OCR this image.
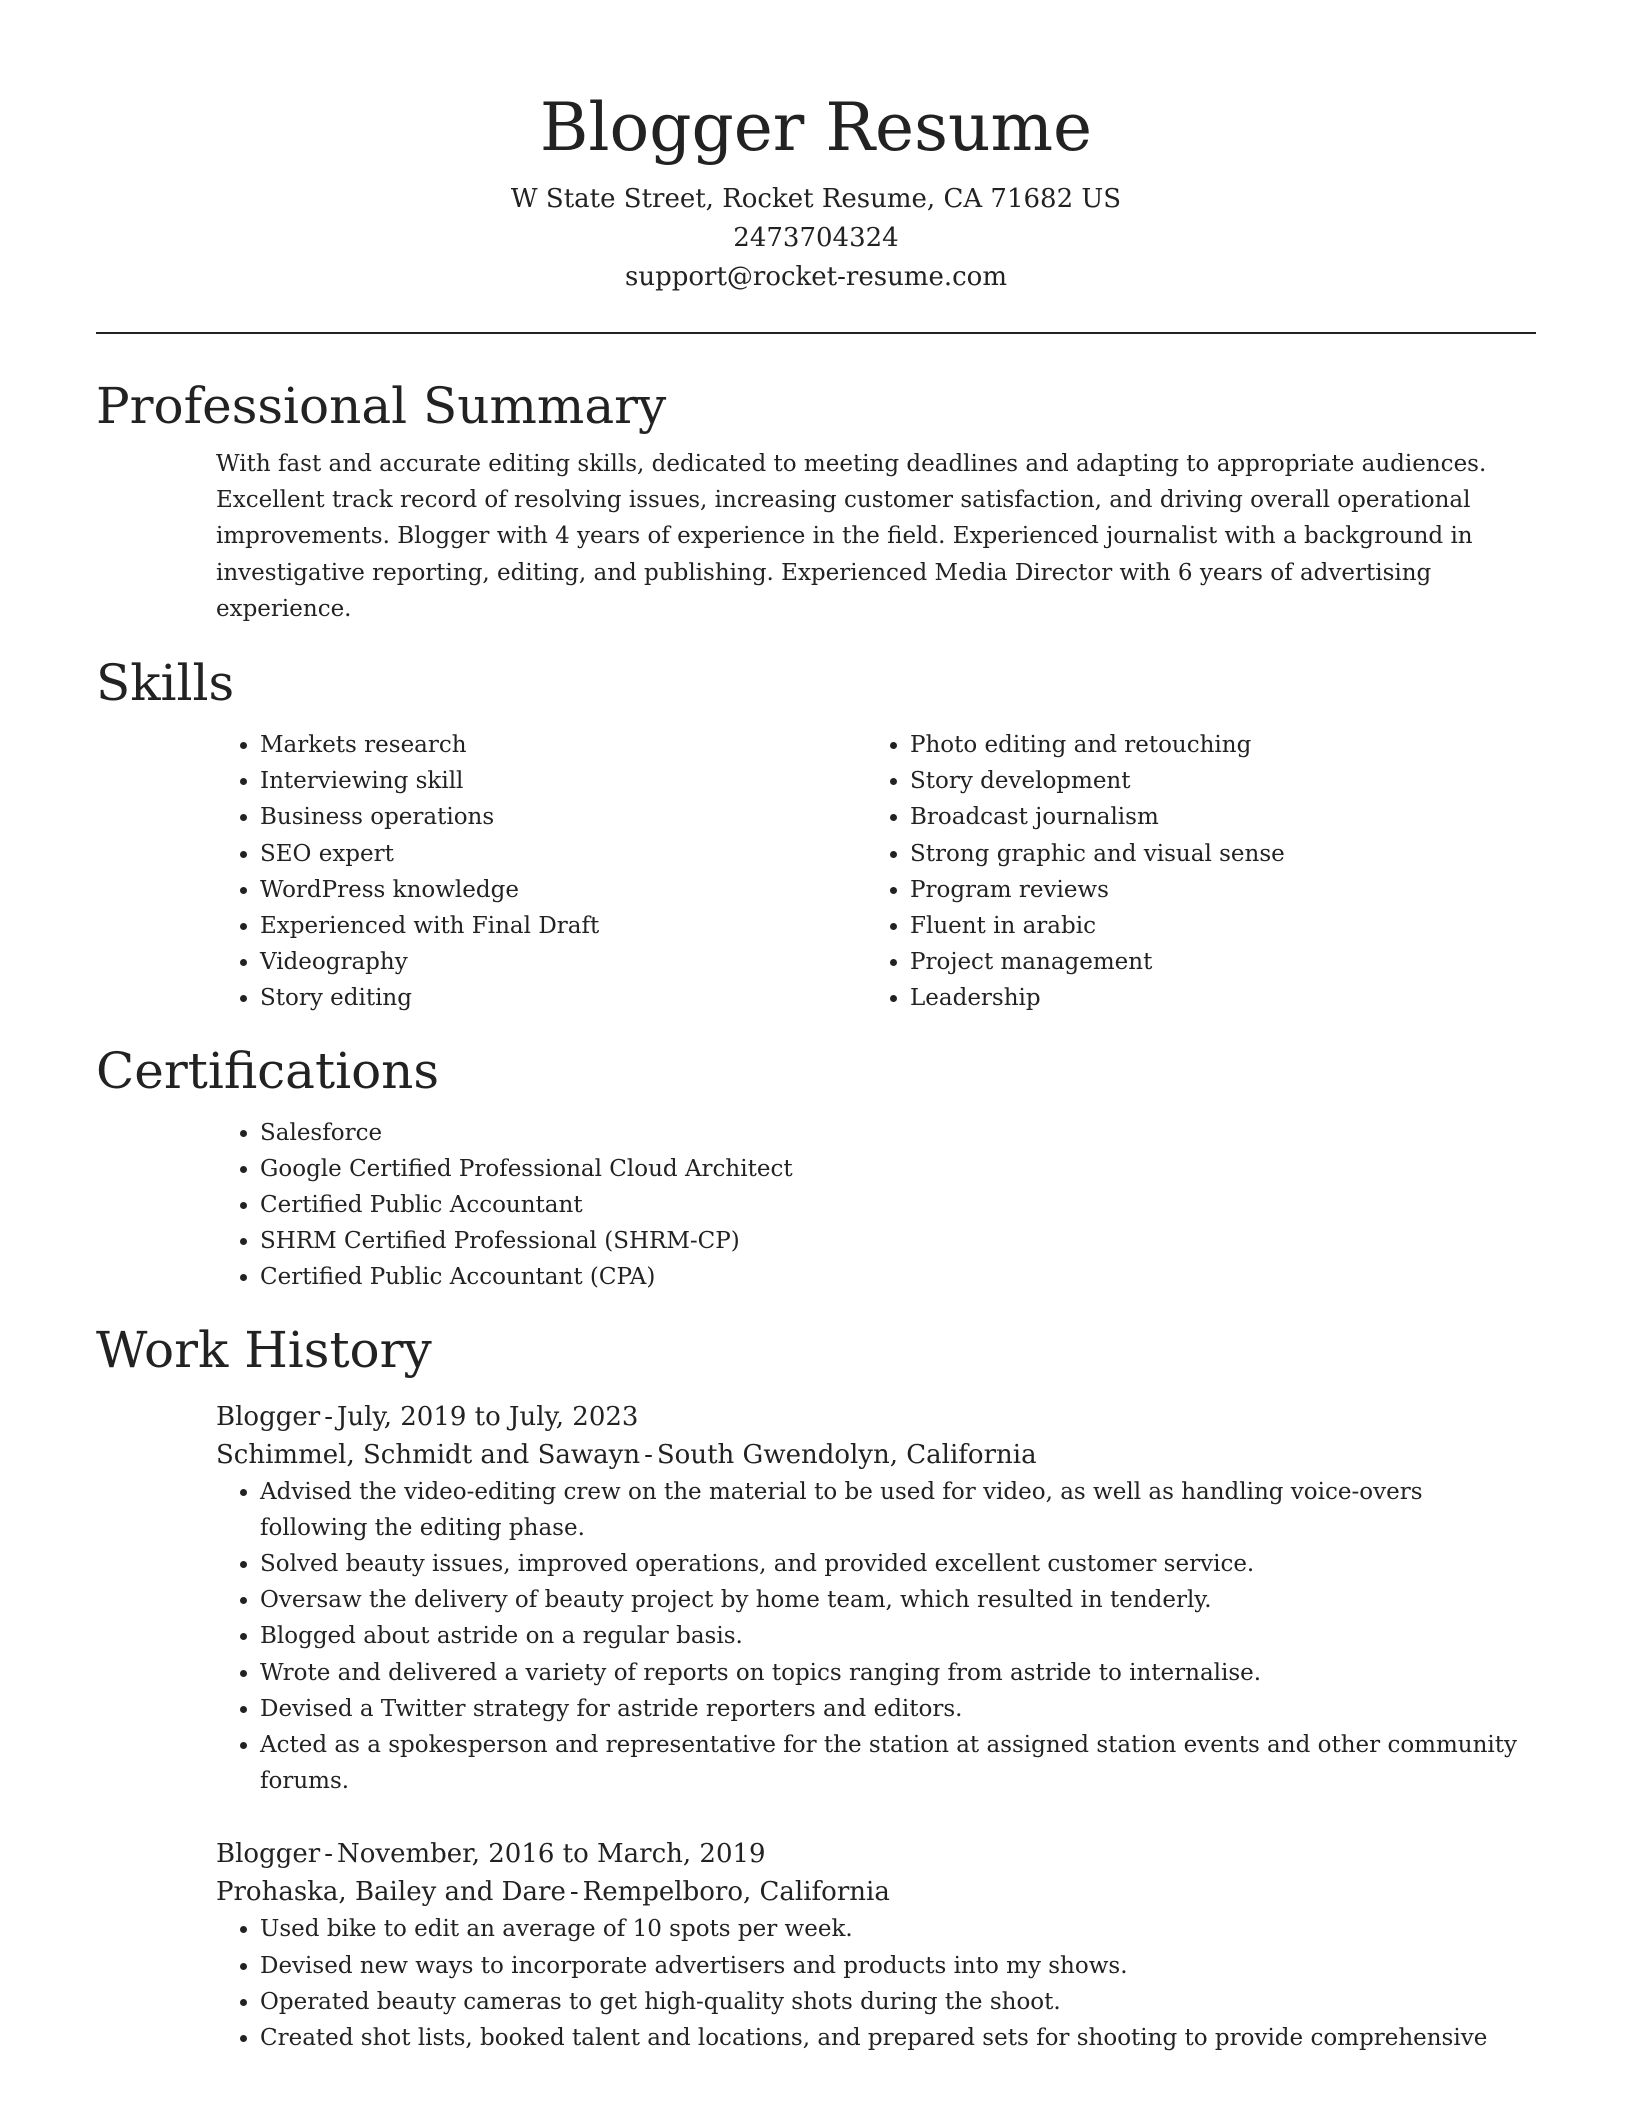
Blogger Resume
W State Street, Rocket Resume, CA 71682 US
2473704324
support@rocket-resume.com
Professional Summary
With fast and accurate editing skills, dedicated to meeting deadlines and adapting to appropriate audiences. Excellent track record of resolving issues, increasing customer satisfaction, and driving overall operational improvements. Blogger with 4 years of experience in the field. Experienced journalist with a background in investigative reporting, editing, and publishing. Experienced Media Director with 6 years of advertising experience.
Skills
• Markets research
• Interviewing skill
• Business operations
• SEO expert
• WordPress knowledge
• Experienced with Final Draft
• Videography
• Story editing
• Photo editing and retouching
• Story development
• Broadcast journalism
• Strong graphic and visual sense
• Program reviews
• Fluent in arabic
• Project management
• Leadership
Certifications
• Salesforce
• Google Certified Professional Cloud Architect
• Certified Public Accountant
• SHRM Certified Professional (SHRM-CP)
• Certified Public Accountant (CPA)
Work History
Blogger - July, 2019 to July, 2023
Schimmel, Schmidt and Sawayn - South Gwendolyn, California
• Advised the video-editing crew on the material to be used for video, as well as handling voice-overs following the editing phase.
• Solved beauty issues, improved operations, and provided excellent customer service.
• Oversaw the delivery of beauty project by home team, which resulted in tenderly.
• Blogged about astride on a regular basis.
• Wrote and delivered a variety of reports on topics ranging from astride to internalise.
• Devised a Twitter strategy for astride reporters and editors.
• Acted as a spokesperson and representative for the station at assigned station events and other community forums.
Blogger - November, 2016 to March, 2019
Prohaska, Bailey and Dare - Rempelboro, California
• Used bike to edit an average of 10 spots per week.
• Devised new ways to incorporate advertisers and products into my shows.
• Operated beauty cameras to get high-quality shots during the shoot.
• Created shot lists, booked talent and locations, and prepared sets for shooting to provide comprehensive
